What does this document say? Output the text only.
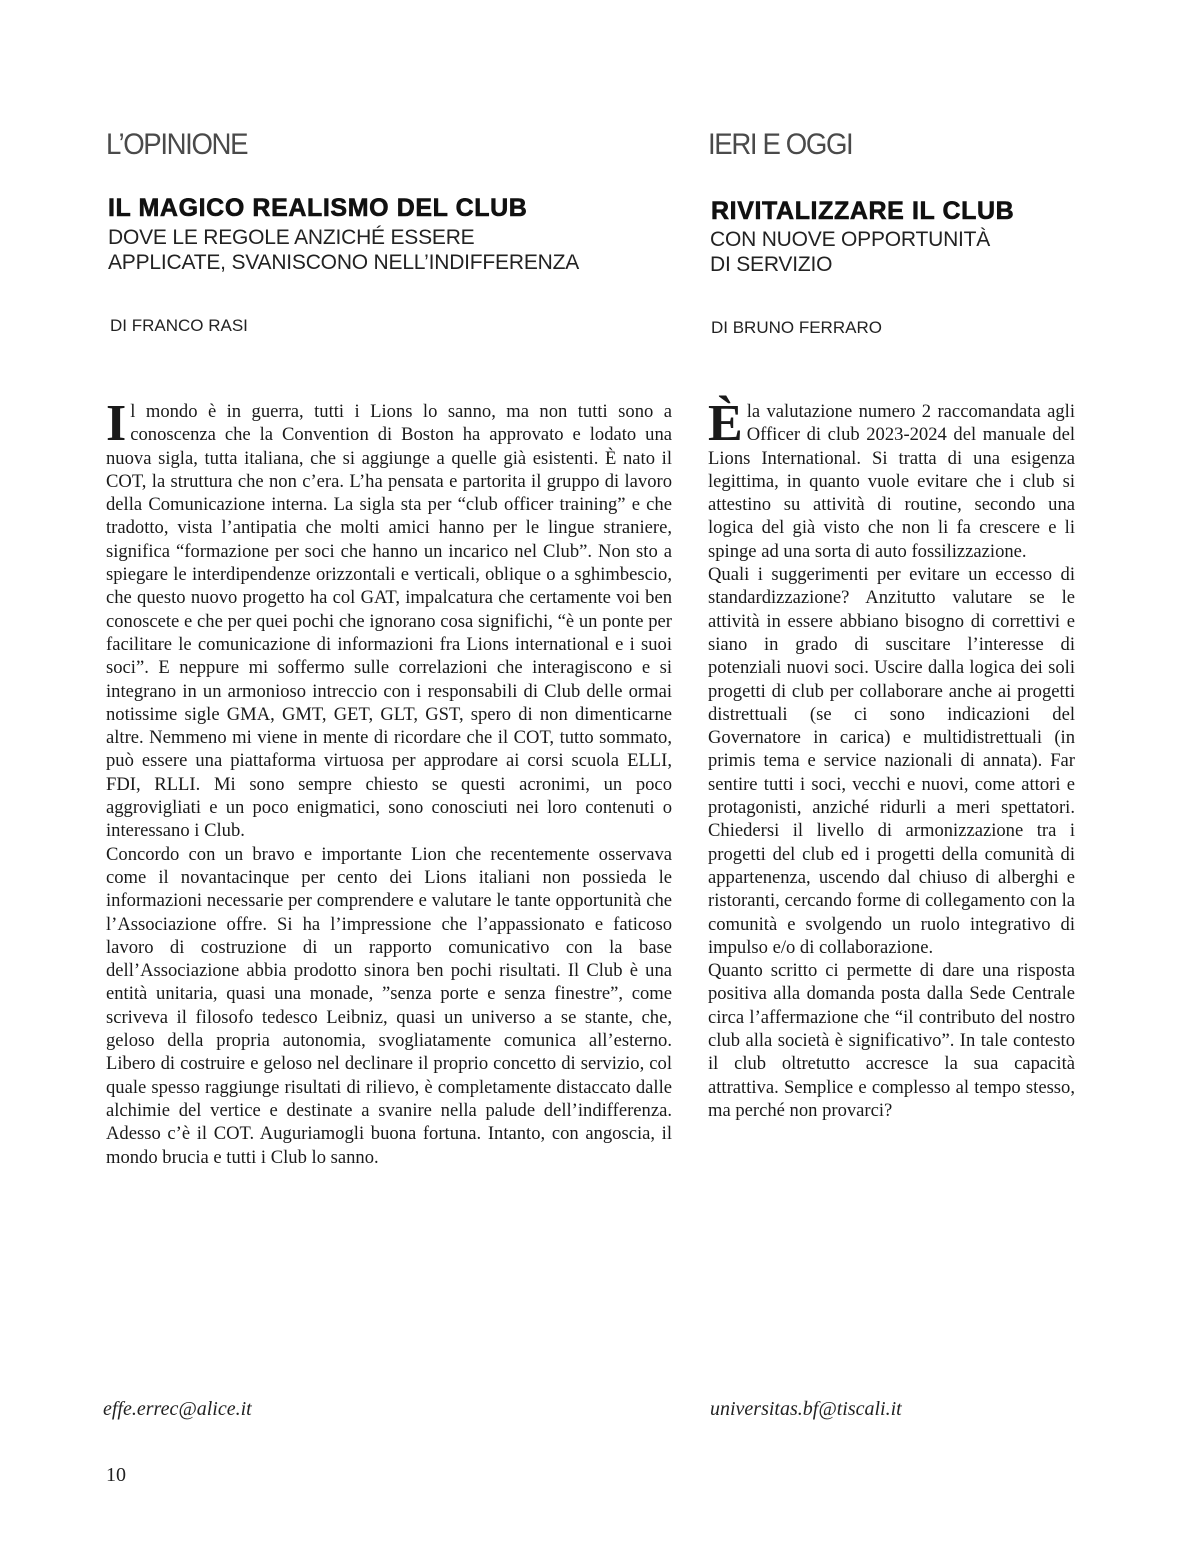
L’OPINIONE
IL MAGICO REALISMO DEL CLUB
DOVE LE REGOLE ANZICHÉ ESSERE
APPLICATE, SVANISCONO NELL’INDIFFERENZA
DI FRANCO RASI

Il mondo è in guerra, tutti i Lions lo sanno, ma non tutti sono a conoscenza che la Convention di Boston ha approvato e lodato una nuova sigla, tutta italiana, che si aggiunge a quelle già esistenti. È nato il COT, la struttura che non c’era. L’ha pensata e partorita il gruppo di lavoro della Comunicazione interna. La sigla sta per “club officer training” e che tradotto, vista l’antipatia che molti amici hanno per le lingue straniere, significa “formazione per soci che hanno un incarico nel Club”. Non sto a spiegare le interdipendenze orizzontali e verticali, oblique o a sghimbescio, che questo nuovo progetto ha col GAT, impalcatura che certamente voi ben conoscete e che per quei pochi che ignorano cosa significhi, “è un ponte per facilitare le comunicazione di informazioni fra Lions international e i suoi soci”. E neppure mi soffermo sulle correlazioni che interagiscono e si integrano in un armonioso intreccio con i responsabili di Club delle ormai notissime sigle GMA, GMT, GET, GLT, GST, spero di non dimenticarne altre. Nemmeno mi viene in mente di ricordare che il COT, tutto sommato, può essere una piattaforma virtuosa per approdare ai corsi scuola ELLI, FDI, RLLI. Mi sono sempre chiesto se questi acronimi, un poco aggrovigliati e un poco enigmatici, sono conosciuti nei loro contenuti o interessano i Club.

Concordo con un bravo e importante Lion che recentemente osservava come il novantacinque per cento dei Lions italiani non possieda le informazioni necessarie per comprendere e valutare le tante opportunità che l’Associazione offre. Si ha l’impressione che l’appassionato e faticoso lavoro di costruzione di un rapporto comunicativo con la base dell’Associazione abbia prodotto sinora ben pochi risultati. Il Club è una entità unitaria, quasi una monade, ”senza porte e senza finestre”, come scriveva il filosofo tedesco Leibniz, quasi un universo a se stante, che, geloso della propria autonomia, svogliatamente comunica all’esterno. Libero di costruire e geloso nel declinare il proprio concetto di servizio, col quale spesso raggiunge risultati di rilievo, è completamente distaccato dalle alchimie del vertice e destinate a svanire nella palude dell’indifferenza. Adesso c’è il COT. Auguriamogli buona fortuna. Intanto, con angoscia, il mondo brucia e tutti i Club lo sanno.

effe.errec@alice.it
IERI E OGGI
RIVITALIZZARE IL CLUB
CON NUOVE OPPORTUNITÀ
DI SERVIZIO
DI BRUNO FERRARO

Èla valutazione numero 2 raccomandata agli Officer di club 2023-2024 del manuale del Lions International. Si tratta di una esigenza legittima, in quanto vuole evitare che i club si attestino su attività di routine, secondo una logica del già visto che non li fa crescere e li spinge ad una sorta di auto fossilizzazione.

Quali i suggerimenti per evitare un eccesso di standardizzazione? Anzitutto valutare se le attività in essere abbiano bisogno di correttivi e siano in grado di suscitare l’interesse di potenziali nuovi soci. Uscire dalla logica dei soli progetti di club per collaborare anche ai progetti distrettuali (se ci sono indicazioni del Governatore in carica) e multidistrettuali (in primis tema e service nazionali di annata). Far sentire tutti i soci, vecchi e nuovi, come attori e protagonisti, anziché ridurli a meri spettatori. Chiedersi il livello di armonizzazione tra i progetti del club ed i progetti della comunità di appartenenza, uscendo dal chiuso di alberghi e ristoranti, cercando forme di collegamento con la comunità e svolgendo un ruolo integrativo di impulso e/o di collaborazione.

Quanto scritto ci permette di dare una risposta positiva alla domanda posta dalla Sede Centrale circa l’affermazione che “il contributo del nostro club alla società è significativo”. In tale contesto il club oltretutto accresce la sua capacità attrattiva. Semplice e complesso al tempo stesso, ma perché non provarci?

universitas.bf@tiscali.it
10
